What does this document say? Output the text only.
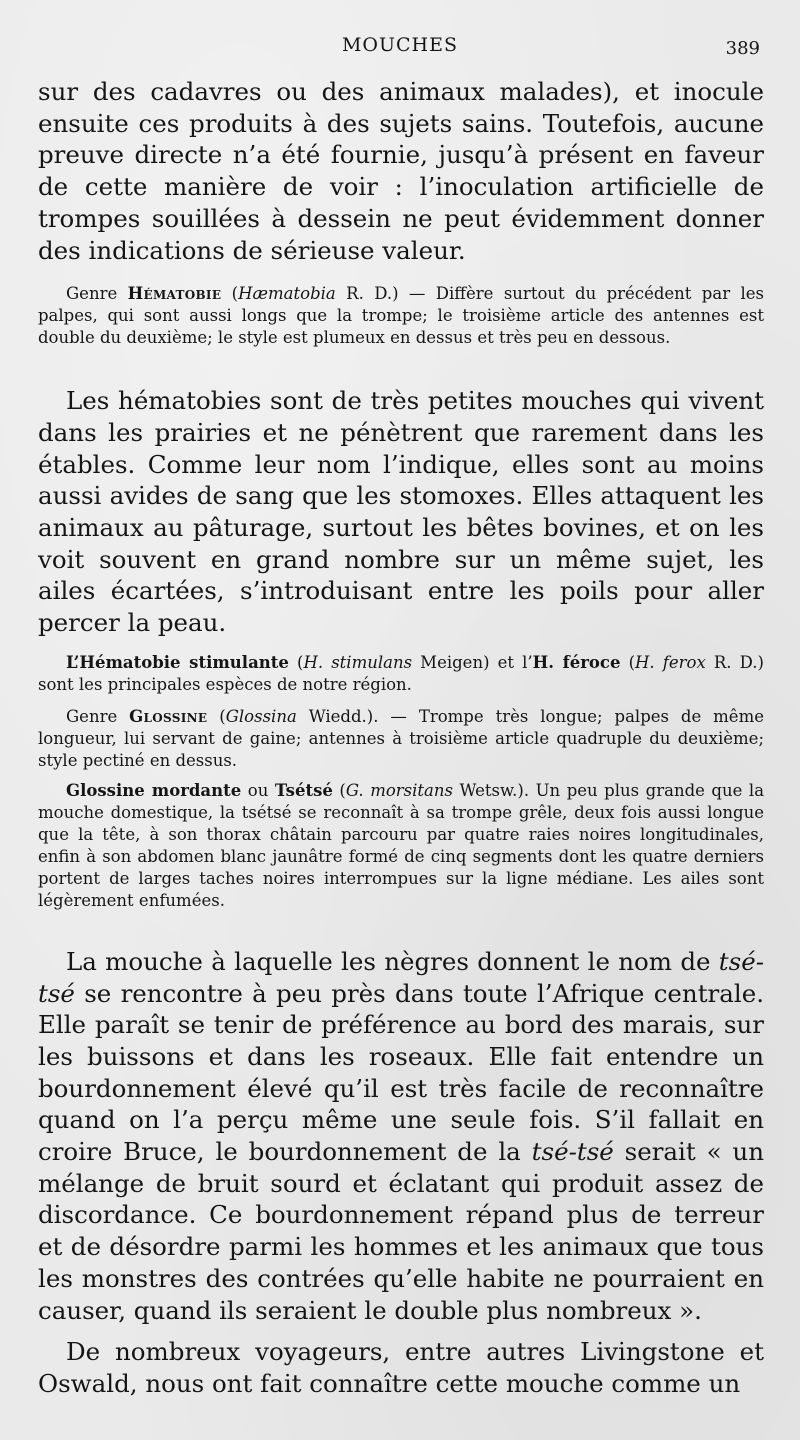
MOUCHES	389

sur des cadavres ou des animaux malades), et inocule ensuite ces produits à des sujets sains. Toutefois, aucune preuve directe n’a été fournie, jusqu’à présent en faveur de cette manière de voir : l’inoculation artificielle de trompes souillées à dessein ne peut évidemment donner des indications de sérieuse valeur.

Genre Hématobie (Hæmatobia R. D.) — Diffère surtout du précédent par les palpes, qui sont aussi longs que la trompe; le troisième article des antennes est double du deuxième; le style est plumeux en dessus et très peu en dessous.

Les hématobies sont de très petites mouches qui vivent dans les prairies et ne pénètrent que rarement dans les étables. Comme leur nom l’indique, elles sont au moins aussi avides de sang que les stomoxes. Elles attaquent les animaux au pâturage, surtout les bêtes bovines, et on les voit souvent en grand nombre sur un même sujet, les ailes écartées, s’introduisant entre les poils pour aller percer la peau.

L’Hématobie stimulante (H. stimulans Meigen) et l’H. féroce (H. ferox R. D.) sont les principales espèces de notre région.

Genre Glossine (Glossina Wiedd.). — Trompe très longue; palpes de même longueur, lui servant de gaine; antennes à troisième article quadruple du deuxième; style pectiné en dessus.

Glossine mordante ou Tsétsé (G. morsitans Wetsw.). Un peu plus grande que la mouche domestique, la tsétsé se reconnaît à sa trompe grêle, deux fois aussi longue que la tête, à son thorax châtain parcouru par quatre raies noires longitudinales, enfin à son abdomen blanc jaunâtre formé de cinq segments dont les quatre derniers portent de larges taches noires interrompues sur la ligne médiane. Les ailes sont légèrement enfumées.

La mouche à laquelle les nègres donnent le nom de tsé-tsé se rencontre à peu près dans toute l’Afrique centrale. Elle paraît se tenir de préférence au bord des marais, sur les buissons et dans les roseaux. Elle fait entendre un bourdonnement élevé qu’il est très facile de reconnaître quand on l’a perçu même une seule fois. S’il fallait en croire Bruce, le bourdonnement de la tsé-tsé serait « un mélange de bruit sourd et éclatant qui produit assez de discordance. Ce bourdonnement répand plus de terreur et de désordre parmi les hommes et les animaux que tous les monstres des contrées qu’elle habite ne pourraient en causer, quand ils seraient le double plus nombreux ».

De nombreux voyageurs, entre autres Livingstone et Oswald, nous ont fait connaître cette mouche comme un
